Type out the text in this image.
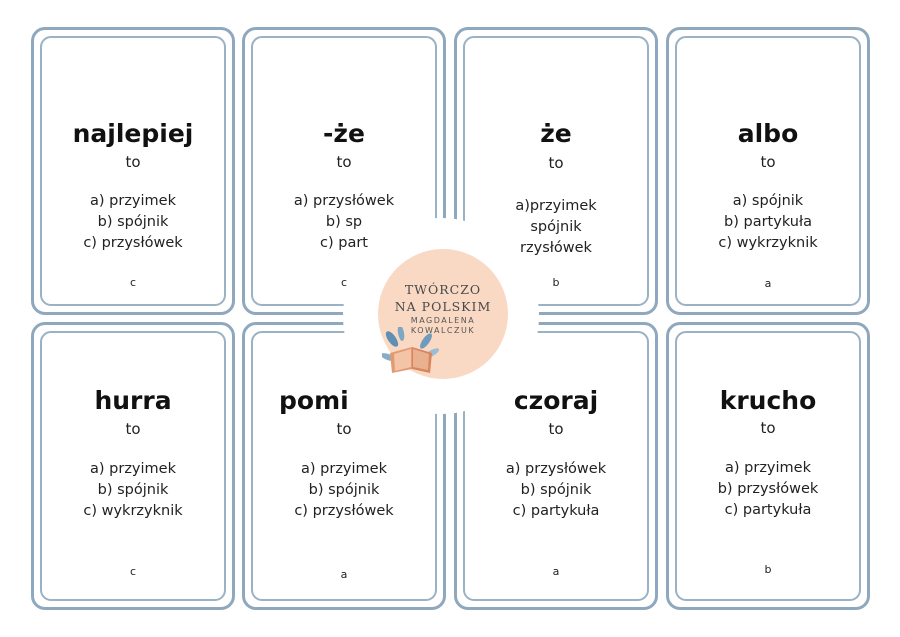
najlepiej
to
a) przyimek
b) spójnik
c) przysłówek
c
-że
to
a) przysłówek
b) sp
c) part
c
że
to
a)przyimek
spójnik
rzysłówek
b
albo
to
a) spójnik
b) partykuła
c) wykrzyknik
a
hurra
to
a) przyimek
b) spójnik
c) wykrzyknik
c
pomi
to
a) przyimek
b) spójnik
c) przysłówek
a
czoraj
to
a) przysłówek
b) spójnik
c) partykuła
a
krucho
to
a) przyimek
b) przysłówek
c) partykuła
b
TWÓRCZO
NA POLSKIM
MAGDALENA
KOWALCZUK
